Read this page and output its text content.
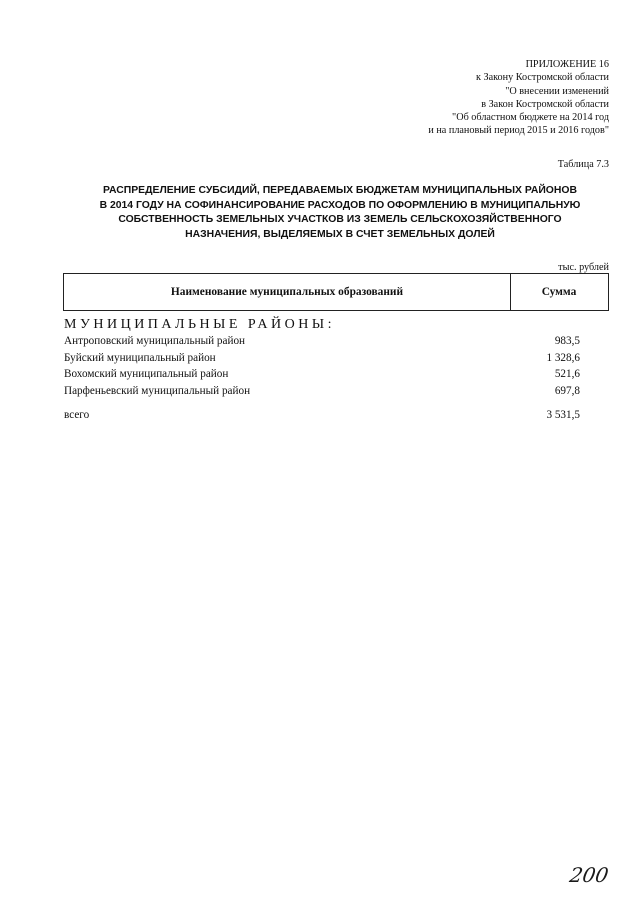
ПРИЛОЖЕНИЕ 16
к Закону Костромской области
"О внесении изменений
в Закон Костромской области
"Об областном бюджете на 2014 год
и на плановый период 2015 и 2016 годов"
Таблица 7.3
РАСПРЕДЕЛЕНИЕ СУБСИДИЙ, ПЕРЕДАВАЕМЫХ БЮДЖЕТАМ МУНИЦИПАЛЬНЫХ РАЙОНОВ
В 2014 ГОДУ НА СОФИНАНСИРОВАНИЕ РАСХОДОВ ПО ОФОРМЛЕНИЮ В МУНИЦИПАЛЬНУЮ
СОБСТВЕННОСТЬ ЗЕМЕЛЬНЫХ УЧАСТКОВ ИЗ ЗЕМЕЛЬ СЕЛЬСКОХОЗЯЙСТВЕННОГО
НАЗНАЧЕНИЯ, ВЫДЕЛЯЕМЫХ В СЧЕТ ЗЕМЕЛЬНЫХ ДОЛЕЙ
тыс. рублей
Наименование муниципальных образований	Сумма
МУНИЦИПАЛЬНЫЕ РАЙОНЫ:
Антроповский муниципальный район	983,5
Буйский муниципальный район	1 328,6
Вохомский муниципальный район	521,6
Парфеньевский муниципальный район	697,8
всего	3 531,5
200
